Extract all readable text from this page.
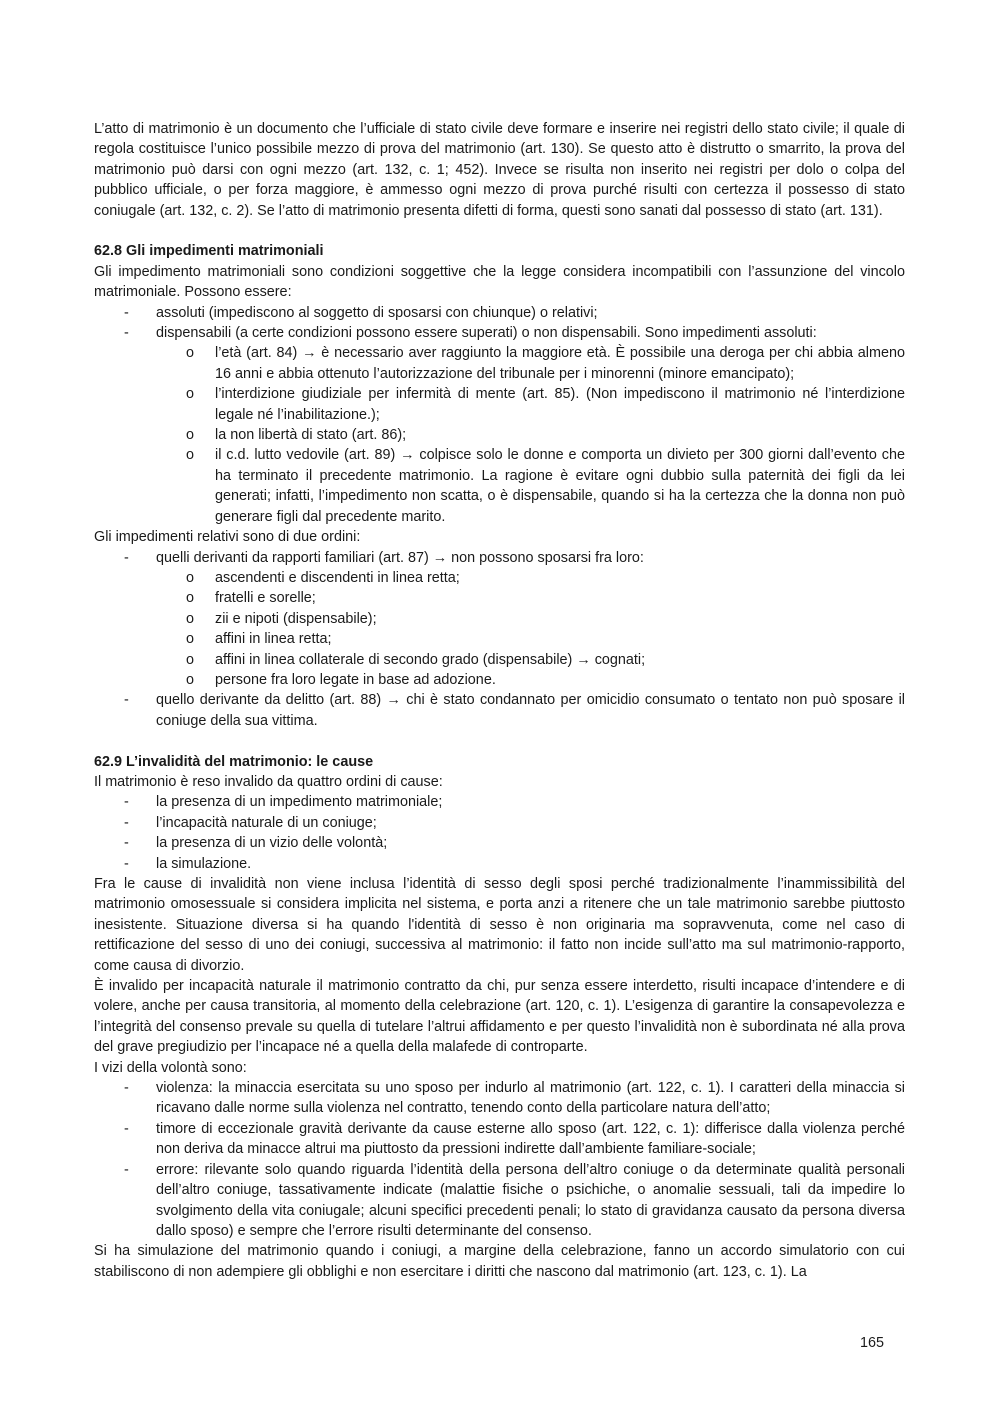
L’atto di matrimonio è un documento che l’ufficiale di stato civile deve formare e inserire nei registri dello stato civile; il quale di regola costituisce l’unico possibile mezzo di prova del matrimonio (art. 130). Se questo atto è distrutto o smarrito, la prova del matrimonio può darsi con ogni mezzo (art. 132, c. 1; 452). Invece se risulta non inserito nei registri per dolo o colpa del pubblico ufficiale, o per forza maggiore, è ammesso ogni mezzo di prova purché risulti con certezza il possesso di stato coniugale (art. 132, c. 2). Se l’atto di matrimonio presenta difetti di forma, questi sono sanati dal possesso di stato (art. 131).

62.8 Gli impedimenti matrimoniali

Gli impedimento matrimoniali sono condizioni soggettive che la legge considera incompatibili con l’assunzione del vincolo matrimoniale. Possono essere:

- assoluti (impediscono al soggetto di sposarsi con chiunque) o relativi;
- dispensabili (a certe condizioni possono essere superati) o non dispensabili. Sono impedimenti assoluti:
o l’età (art. 84) → è necessario aver raggiunto la maggiore età. È possibile una deroga per chi abbia almeno 16 anni e abbia ottenuto l’autorizzazione del tribunale per i minorenni (minore emancipato);
o l’interdizione giudiziale per infermità di mente (art. 85). (Non impediscono il matrimonio né l’interdizione legale né l’inabilitazione.);
o la non libertà di stato (art. 86);
o il c.d. lutto vedovile (art. 89) → colpisce solo le donne e comporta un divieto per 300 giorni dall’evento che ha terminato il precedente matrimonio. La ragione è evitare ogni dubbio sulla paternità dei figli da lei generati; infatti, l’impedimento non scatta, o è dispensabile, quando si ha la certezza che la donna non può generare figli dal precedente marito.

Gli impedimenti relativi sono di due ordini:

- quelli derivanti da rapporti familiari (art. 87) → non possono sposarsi fra loro:
o ascendenti e discendenti in linea retta;
o fratelli e sorelle;
o zii e nipoti (dispensabile);
o affini in linea retta;
o affini in linea collaterale di secondo grado (dispensabile) → cognati;
o persone fra loro legate in base ad adozione.
- quello derivante da delitto (art. 88) → chi è stato condannato per omicidio consumato o tentato non può sposare il coniuge della sua vittima.
62.9 L’invalidità del matrimonio: le cause

Il matrimonio è reso invalido da quattro ordini di cause:

- la presenza di un impedimento matrimoniale;
- l’incapacità naturale di un coniuge;
- la presenza di un vizio delle volontà;
- la simulazione.

Fra le cause di invalidità non viene inclusa l’identità di sesso degli sposi perché tradizionalmente l’inammissibilità del matrimonio omosessuale si considera implicita nel sistema, e porta anzi a ritenere che un tale matrimonio sarebbe piuttosto inesistente. Situazione diversa si ha quando l'identità di sesso è non originaria ma sopravvenuta, come nel caso di rettificazione del sesso di uno dei coniugi, successiva al matrimonio: il fatto non incide sull’atto ma sul matrimonio-rapporto, come causa di divorzio.

È invalido per incapacità naturale il matrimonio contratto da chi, pur senza essere interdetto, risulti incapace d’intendere e di volere, anche per causa transitoria, al momento della celebrazione (art. 120, c. 1). L’esigenza di garantire la consapevolezza e l’integrità del consenso prevale su quella di tutelare l’altrui affidamento e per questo l’invalidità non è subordinata né alla prova del grave pregiudizio per l’incapace né a quella della malafede di controparte.

I vizi della volontà sono:

- violenza: la minaccia esercitata su uno sposo per indurlo al matrimonio (art. 122, c. 1). I caratteri della minaccia si ricavano dalle norme sulla violenza nel contratto, tenendo conto della particolare natura dell’atto;
- timore di eccezionale gravità derivante da cause esterne allo sposo (art. 122, c. 1): differisce dalla violenza perché non deriva da minacce altrui ma piuttosto da pressioni indirette dall’ambiente familiare-sociale;
- errore: rilevante solo quando riguarda l’identità della persona dell’altro coniuge o da determinate qualità personali dell’altro coniuge, tassativamente indicate (malattie fisiche o psichiche, o anomalie sessuali, tali da impedire lo svolgimento della vita coniugale; alcuni specifici precedenti penali; lo stato di gravidanza causato da persona diversa dallo sposo) e sempre che l’errore risulti determinante del consenso.

Si ha simulazione del matrimonio quando i coniugi, a margine della celebrazione, fanno un accordo simulatorio con cui stabiliscono di non adempiere gli obblighi e non esercitare i diritti che nascono dal matrimonio (art. 123, c. 1). La

165
